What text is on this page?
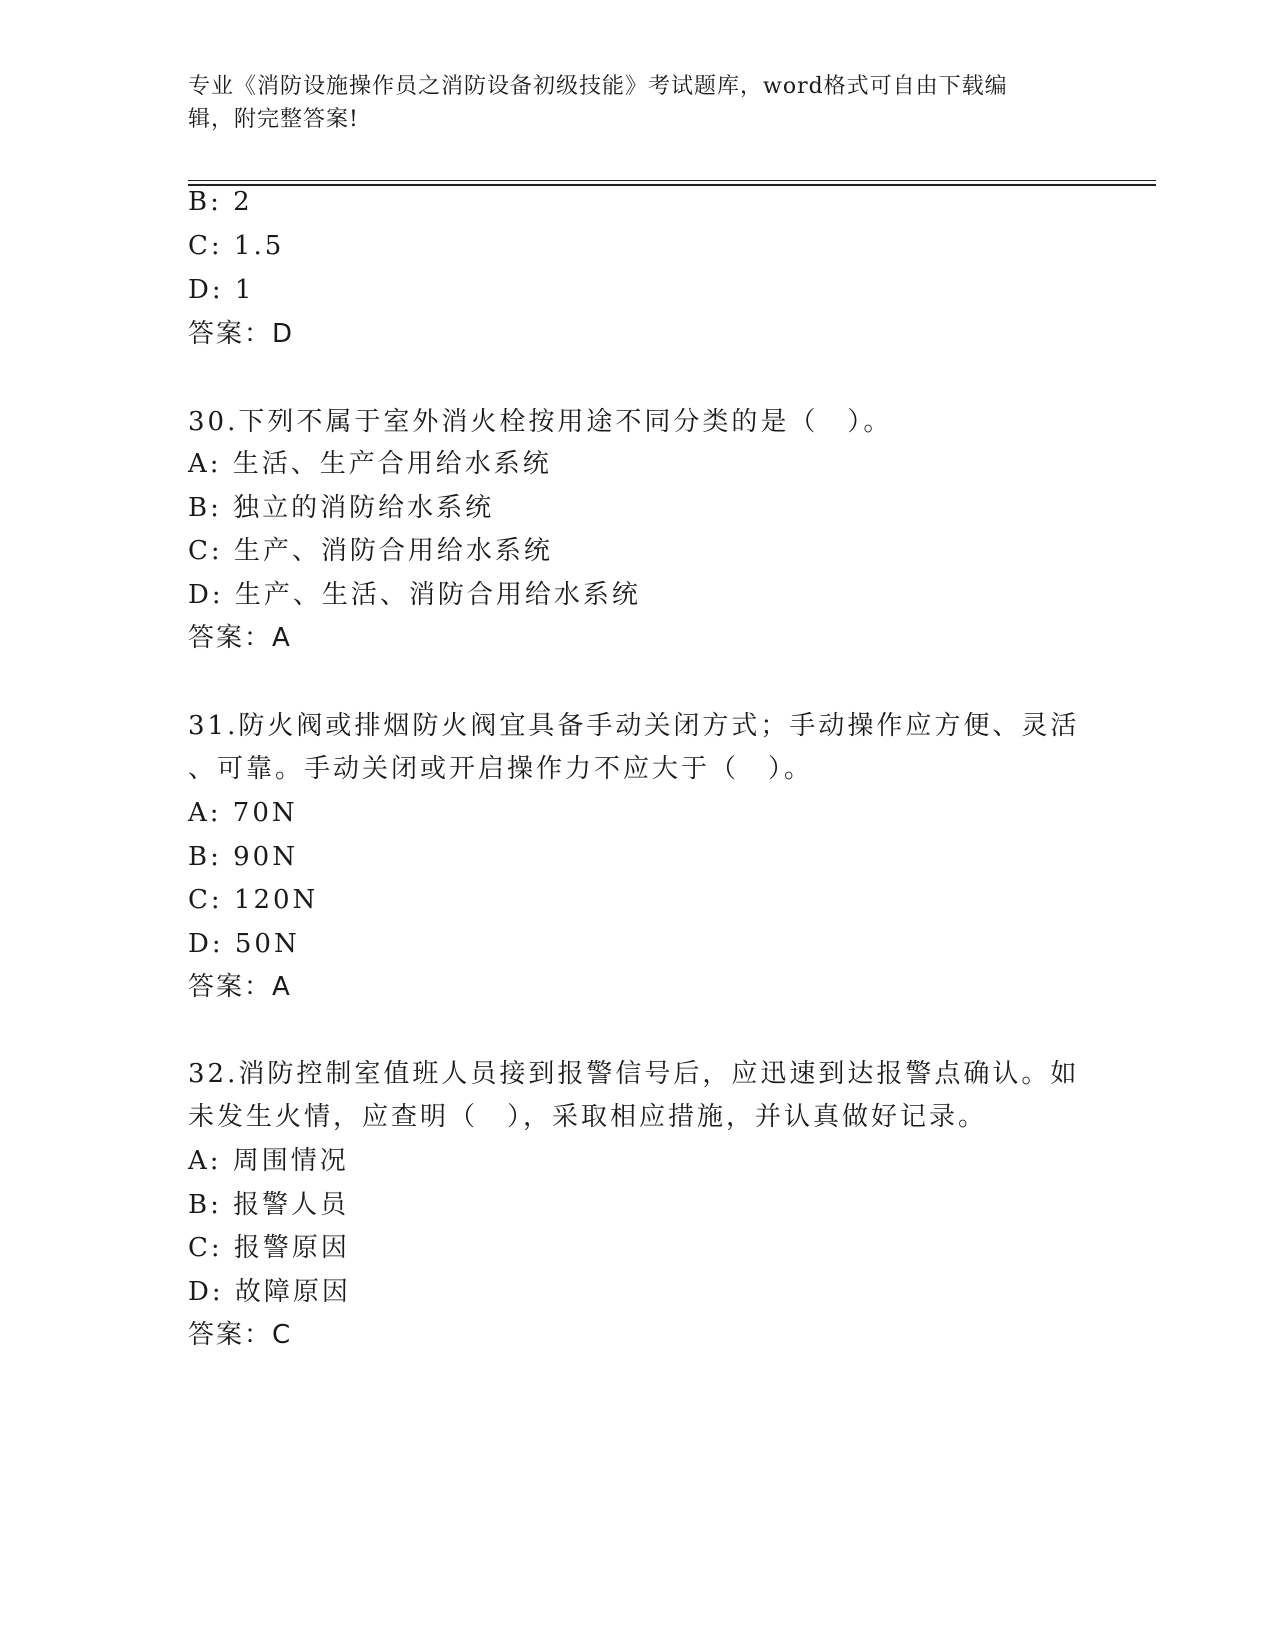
专业《消防设施操作员之消防设备初级技能》考试题库，word格式可自由下载编
辑，附完整答案!
B: 2
C: 1.5
D: 1
答案：D
30.下列不属于室外消火栓按用途不同分类的是（　）。
A: 生活、生产合用给水系统
B: 独立的消防给水系统
C: 生产、消防合用给水系统
D: 生产、生活、消防合用给水系统
答案：A
31.防火阀或排烟防火阀宜具备手动关闭方式；手动操作应方便、灵活
、可靠。手动关闭或开启操作力不应大于（　）。
A: 70N
B: 90N
C: 120N
D: 50N
答案：A
32.消防控制室值班人员接到报警信号后，应迅速到达报警点确认。如
未发生火情，应查明（　），采取相应措施，并认真做好记录。
A: 周围情况
B: 报警人员
C: 报警原因
D: 故障原因
答案：C
